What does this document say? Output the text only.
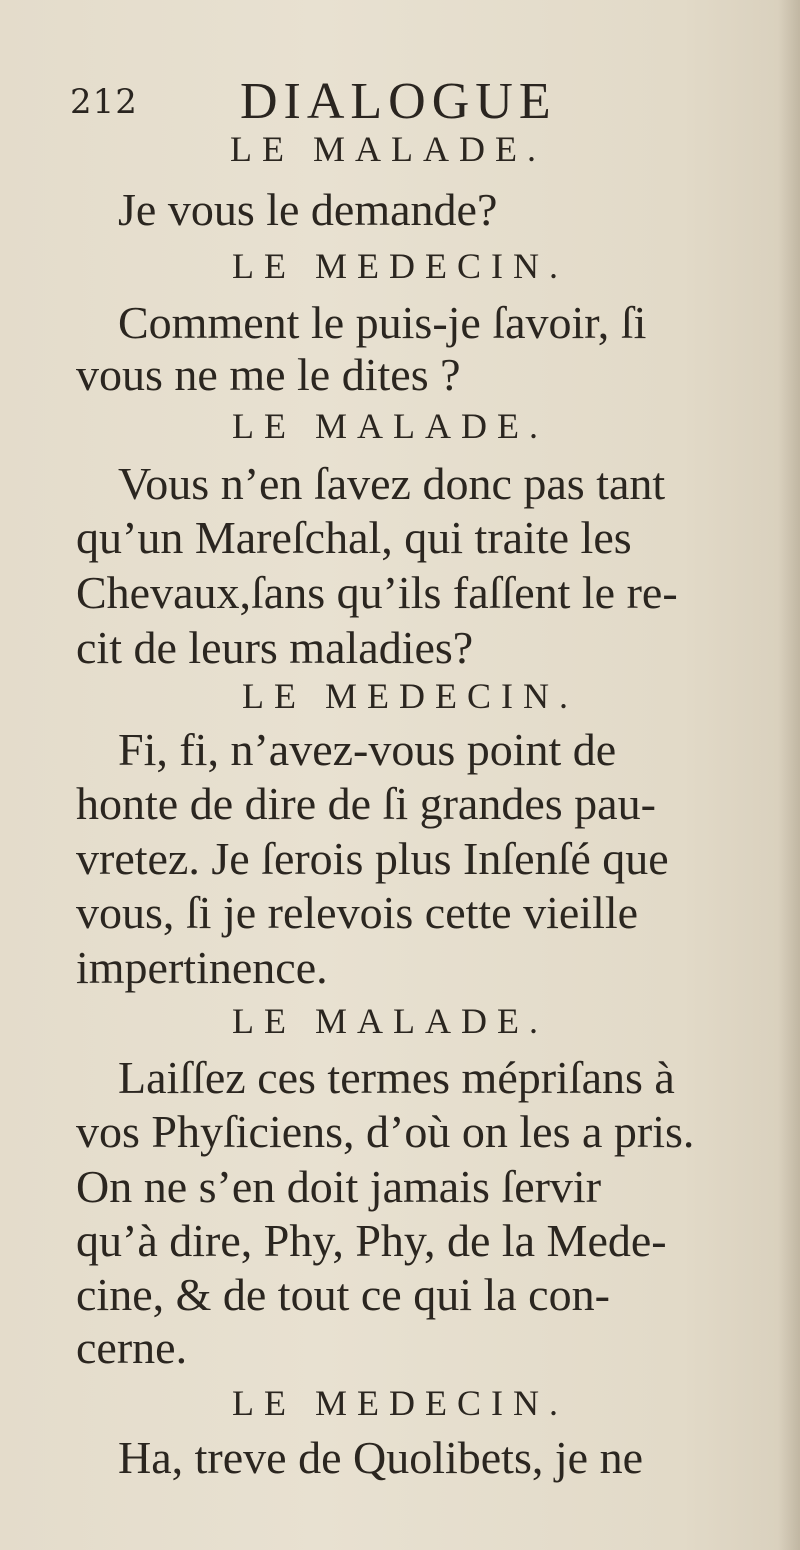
212 DIALOGUE
LE MALADE.
Je vous le demande?
LE MEDECIN.
Comment le puis-je ſavoir, ſi
vous ne me le dites ?
LE MALADE.
Vous n’en ſavez donc pas tant
qu’un Mareſchal, qui traite les
Chevaux,ſans qu’ils faſſent le re-
cit de leurs maladies?
LE MEDECIN.
Fi, fi, n’avez-vous point de
honte de dire de ſi grandes pau-
vretez. Je ſerois plus Inſenſé que
vous, ſi je relevois cette vieille
impertinence.
LE MALADE.
Laiſſez ces termes mépriſans à
vos Phyſiciens, d’où on les a pris.
On ne s’en doit jamais ſervir
qu’à dire, Phy, Phy, de la Mede-
cine, & de tout ce qui la con-
cerne.
LE MEDECIN.
Ha, treve de Quolibets, je ne
